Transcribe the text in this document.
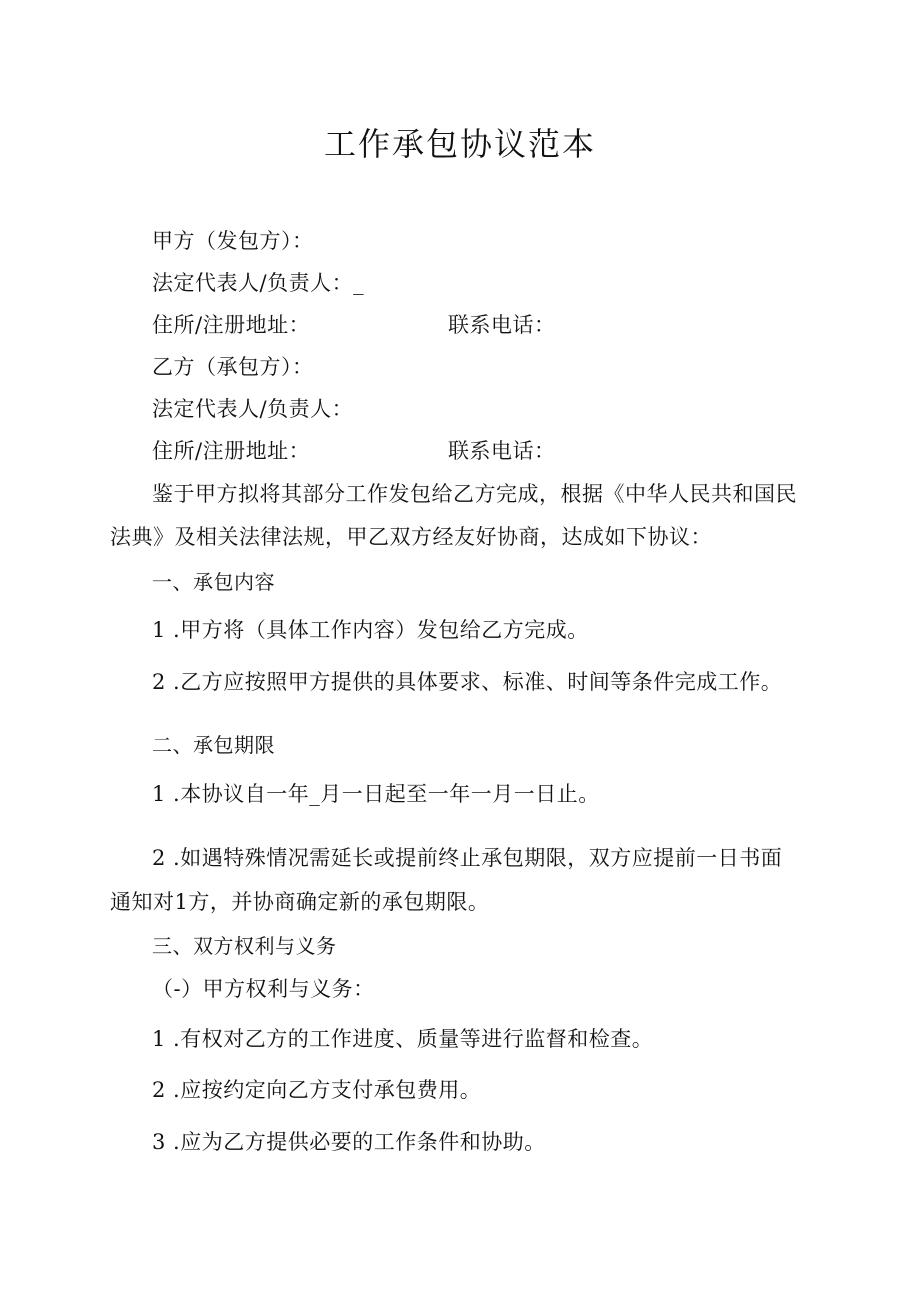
工作承包协议范本
甲方（发包方）：
法定代表人/负责人：_
住所/注册地址：	联系电话：
乙方（承包方）：
法定代表人/负责人：
住所/注册地址：	联系电话：
鉴于甲方拟将其部分工作发包给乙方完成，根据《中华人民共和国民
法典》及相关法律法规，甲乙双方经友好协商，达成如下协议：
一、承包内容
1 .甲方将（具体工作内容）发包给乙方完成。
2 .乙方应按照甲方提供的具体要求、标准、时间等条件完成工作。
二、承包期限
1 .本协议自一年_月一日起至一年一月一日止。
2 .如遇特殊情况需延长或提前终止承包期限，双方应提前一日书面
通知对1方，并协商确定新的承包期限。
三、双方权利与义务
（-）甲方权利与义务：
1 .有权对乙方的工作进度、质量等进行监督和检查。
2 .应按约定向乙方支付承包费用。
3 .应为乙方提供必要的工作条件和协助。
